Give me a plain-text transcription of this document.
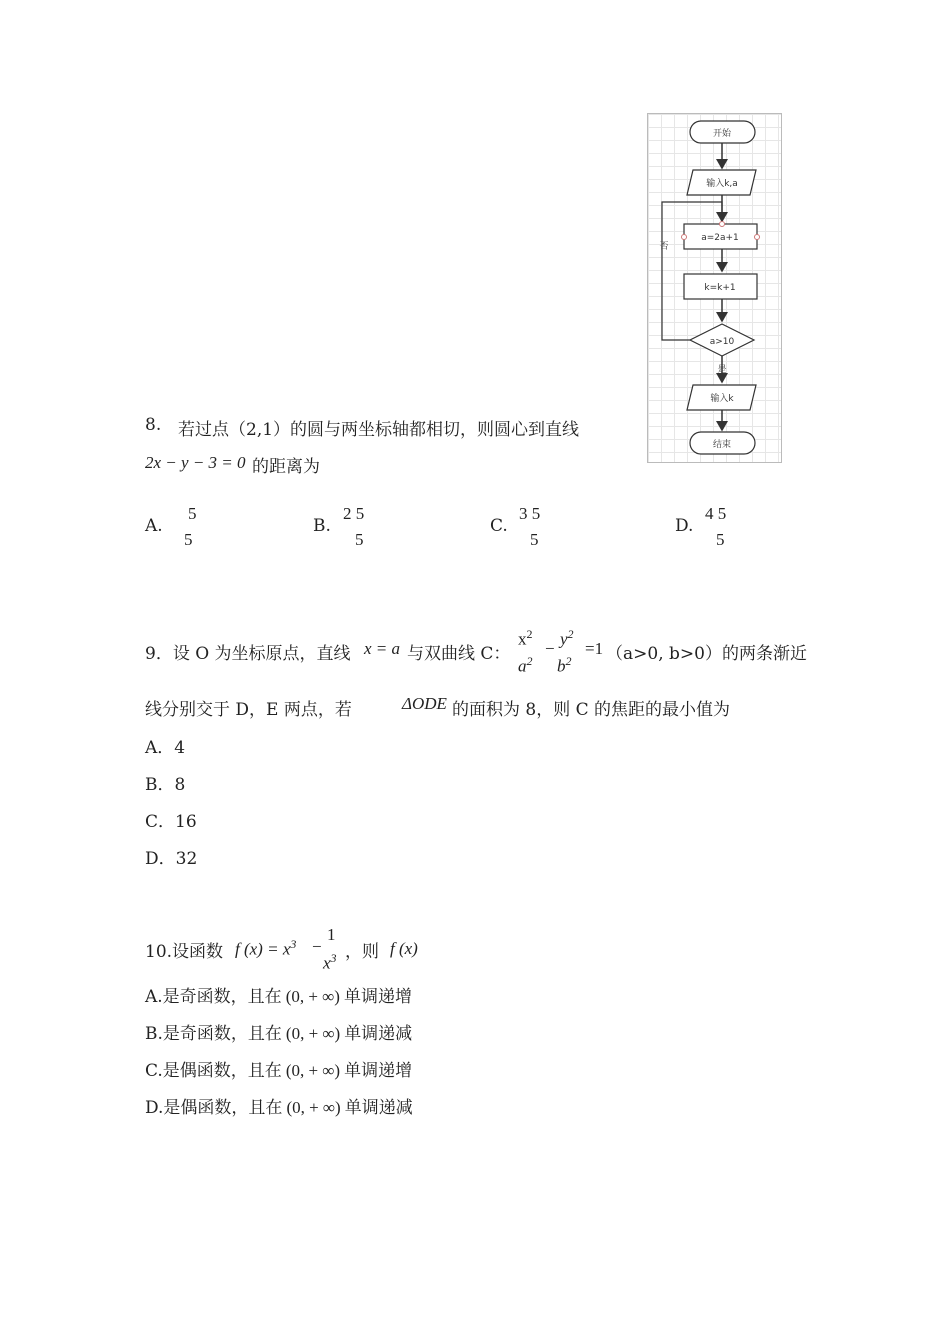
开始
输入k,a
a=2a+1
k=k+1
a>10
否
是
输入k
结束
8. 若过点（2,1）的圆与两坐标轴都相切，则圆心到直线
2x − y − 3 = 0 的距离为
A.
5
5
B.
2 5
5
C.
3 5
5
D.
4 5
5
9．设 O 为坐标原点，直线 x = a 与双曲线 C：
$x^2$
$a^2$
− $y^2$
$b^2$
=1 （a>0, b>0）的两条渐近
线分别交于 D，E 两点，若	ΔODE 的面积为 8，则 C 的焦距的最小值为
A．4
B．8
C．16
D．32
10.设函数 f $(x) = x^3$ −
1
$x^3$ ，则 f (x)
A.是奇函数，且在 (0, + ∞) 单调递增
B.是奇函数，且在 (0, + ∞) 单调递减
C.是偶函数，且在 (0, + ∞) 单调递增
D.是偶函数，且在 (0, + ∞) 单调递减
